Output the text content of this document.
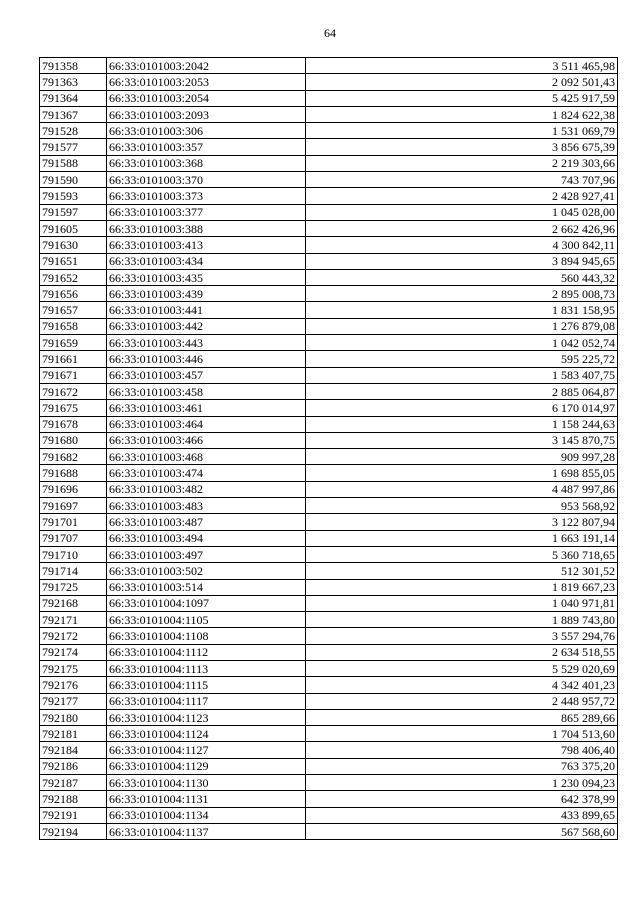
64
791358	66:33:0101003:2042	3 511 465,98
791363	66:33:0101003:2053	2 092 501,43
791364	66:33:0101003:2054	5 425 917,59
791367	66:33:0101003:2093	1 824 622,38
791528	66:33:0101003:306	1 531 069,79
791577	66:33:0101003:357	3 856 675,39
791588	66:33:0101003:368	2 219 303,66
791590	66:33:0101003:370	743 707,96
791593	66:33:0101003:373	2 428 927,41
791597	66:33:0101003:377	1 045 028,00
791605	66:33:0101003:388	2 662 426,96
791630	66:33:0101003:413	4 300 842,11
791651	66:33:0101003:434	3 894 945,65
791652	66:33:0101003:435	560 443,32
791656	66:33:0101003:439	2 895 008,73
791657	66:33:0101003:441	1 831 158,95
791658	66:33:0101003:442	1 276 879,08
791659	66:33:0101003:443	1 042 052,74
791661	66:33:0101003:446	595 225,72
791671	66:33:0101003:457	1 583 407,75
791672	66:33:0101003:458	2 885 064,87
791675	66:33:0101003:461	6 170 014,97
791678	66:33:0101003:464	1 158 244,63
791680	66:33:0101003:466	3 145 870,75
791682	66:33:0101003:468	909 997,28
791688	66:33:0101003:474	1 698 855,05
791696	66:33:0101003:482	4 487 997,86
791697	66:33:0101003:483	953 568,92
791701	66:33:0101003:487	3 122 807,94
791707	66:33:0101003:494	1 663 191,14
791710	66:33:0101003:497	5 360 718,65
791714	66:33:0101003:502	512 301,52
791725	66:33:0101003:514	1 819 667,23
792168	66:33:0101004:1097	1 040 971,81
792171	66:33:0101004:1105	1 889 743,80
792172	66:33:0101004:1108	3 557 294,76
792174	66:33:0101004:1112	2 634 518,55
792175	66:33:0101004:1113	5 529 020,69
792176	66:33:0101004:1115	4 342 401,23
792177	66:33:0101004:1117	2 448 957,72
792180	66:33:0101004:1123	865 289,66
792181	66:33:0101004:1124	1 704 513,60
792184	66:33:0101004:1127	798 406,40
792186	66:33:0101004:1129	763 375,20
792187	66:33:0101004:1130	1 230 094,23
792188	66:33:0101004:1131	642 378,99
792191	66:33:0101004:1134	433 899,65
792194	66:33:0101004:1137	567 568,60
